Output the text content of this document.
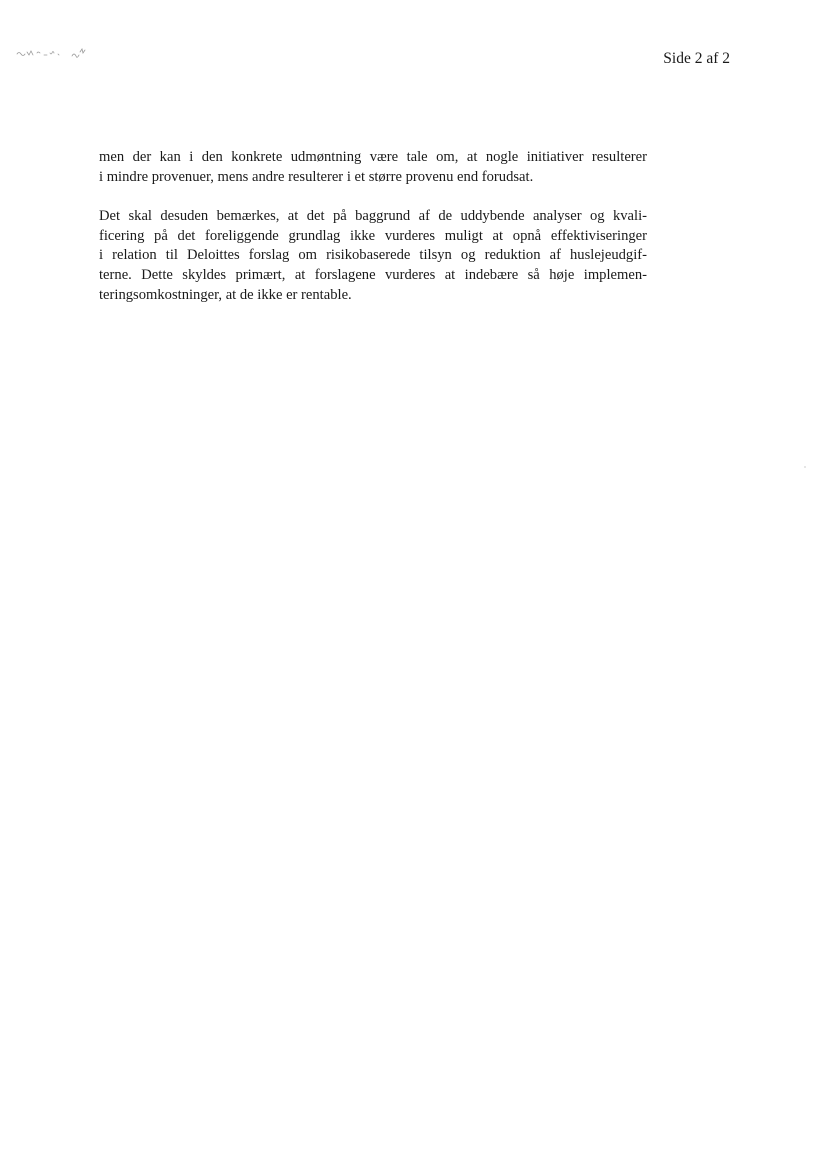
Side 2 af 2

men der kan i den konkrete udmøntning være tale om, at nogle initiativer resulterer
i mindre provenuer, mens andre resulterer i et større provenu end forudsat.

Det skal desuden bemærkes, at det på baggrund af de uddybende analyser og kvali-
ficering på det foreliggende grundlag ikke vurderes muligt at opnå effektiviseringer
i relation til Deloittes forslag om risikobaserede tilsyn og reduktion af huslejeudgif-
terne. Dette skyldes primært, at forslagene vurderes at indebære så høje implemen-
teringsomkostninger, at de ikke er rentable.
